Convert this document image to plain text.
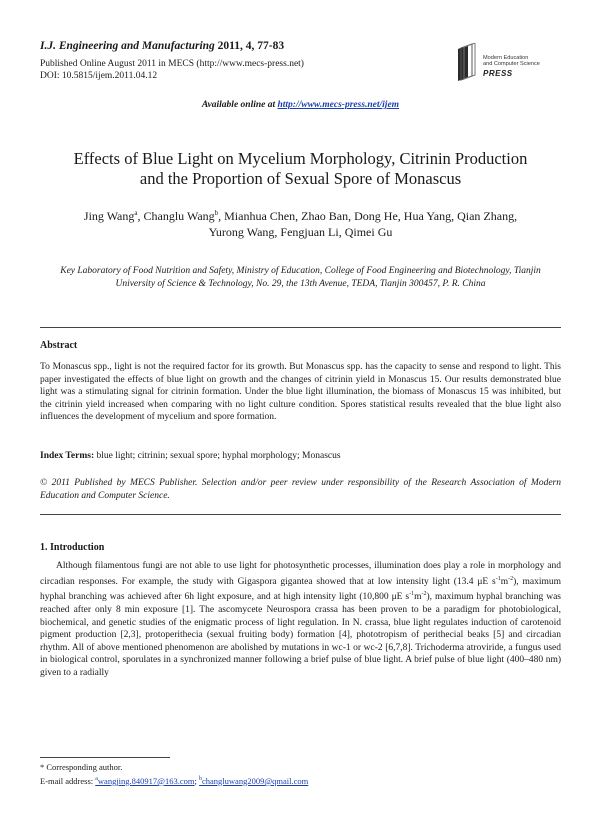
I.J. Engineering and Manufacturing 2011, 4, 77-83
Published Online August 2011 in MECS (http://www.mecs-press.net)
DOI: 10.5815/ijem.2011.04.12
Modern Education
and Computer Science
PRESS
Available online at http://www.mecs-press.net/ijem
Effects of Blue Light on Mycelium Morphology, Citrinin Production
and the Proportion of Sexual Spore of Monascus
Jing Wang$^a$, Changlu Wang$^b$, Mianhua Chen, Zhao Ban, Dong He, Hua Yang, Qian Zhang,
Yurong Wang, Fengjuan Li, Qimei Gu
Key Laboratory of Food Nutrition and Safety, Ministry of Education, College of Food Engineering and Biotechnology, Tianjin University of Science & Technology, No. 29, the 13th Avenue, TEDA, Tianjin 300457, P. R. China
Abstract
To Monascus spp., light is not the required factor for its growth. But Monascus spp. has the capacity to sense and respond to light. This paper investigated the effects of blue light on growth and the changes of citrinin yield in Monascus 15. Our results demonstrated blue light was a stimulating signal for citrinin formation. Under the blue light illumination, the biomass of Monascus 15 was inhibited, but the citrinin yield increased when comparing with no light culture condition. Spores statistical results revealed that the blue light also influences the development of mycelium and spore formation.
Index Terms: blue light; citrinin; sexual spore; hyphal morphology; Monascus
© 2011 Published by MECS Publisher. Selection and/or peer review under responsibility of the Research Association of Modern Education and Computer Science.
1. Introduction
Although filamentous fungi are not able to use light for photosynthetic processes, illumination does play a role in morphology and circadian responses. For example, the study with Gigaspora gigantea showed that at low intensity light (13.4 μE $s^{-1}m^{-2}$), maximum hyphal branching was achieved after 6h light exposure, and at high intensity light (10,800 μE $s^{-1}m^{-2}$), maximum hyphal branching was reached after only 8 min exposure [1]. The ascomycete Neurospora crassa has been proven to be a paradigm for photobiological, biochemical, and genetic studies of the enigmatic process of light regulation. In N. crassa, blue light regulates induction of carotenoid pigment production [2,3], protoperithecia (sexual fruiting body) formation [4], phototropism of perithecial beaks [5] and circadian rhythm. All of above mentioned phenomenon are abolished by mutations in wc-1 or wc-2 [6,7,8]. Trichoderma atroviride, a fungus used in biological control, sporulates in a synchronized manner following a brief pulse of blue light. A brief pulse of blue light (400–480 nm) given to a radially
* Corresponding author.
E-mail address: $^a$wangjing.840917@163.com; $^b$changluwang2009@qmail.com
